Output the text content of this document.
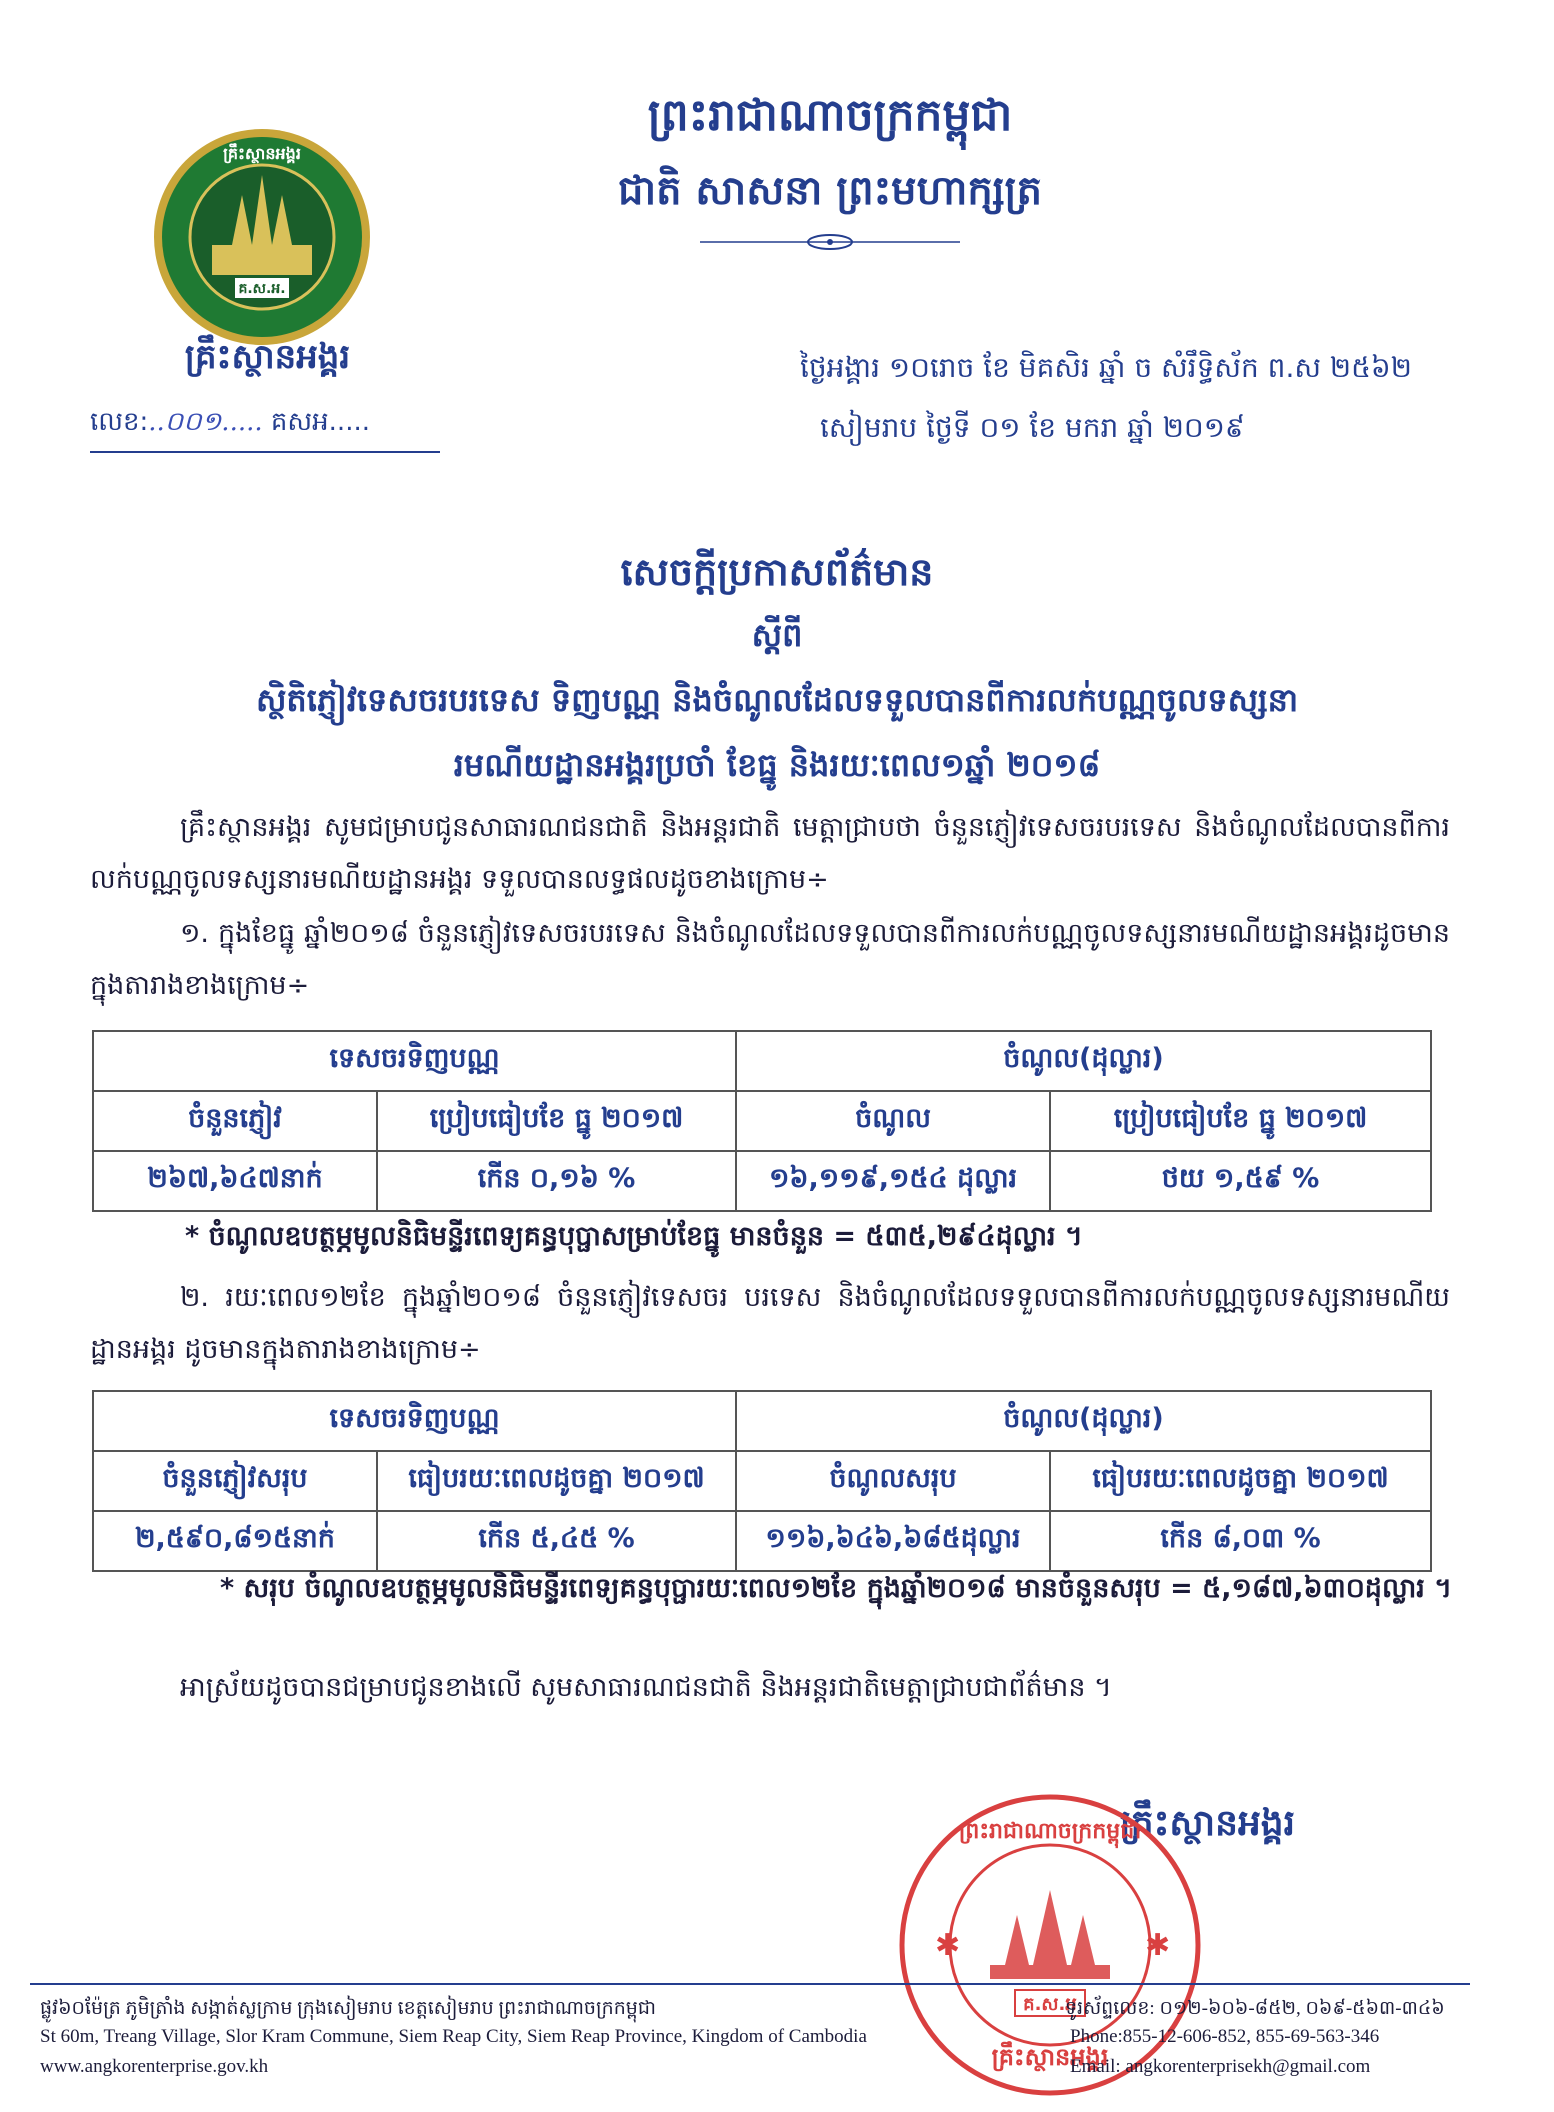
គ.ស.អ.
គ្រឹះស្ថានអង្គរ
គ្រឹះស្ថានអង្គរ
លេខ:..០០១..... គសអ.....
ព្រះរាជាណាចក្រកម្ពុជា
ជាតិ សាសនា ព្រះមហាក្សត្រ
ថ្ងៃអង្គារ ១០រោច ខែ មិគសិរ ឆ្នាំ ច សំរឹទ្ធិស័ក ព.ស ២៥៦២
សៀមរាប ថ្ងៃទី ០១ ខែ មករា ឆ្នាំ ២០១៩
សេចក្តីប្រកាសព័ត៌មាន
ស្តីពី
ស្ថិតិភ្ញៀវទេសចរបរទេស ទិញបណ្ណ និងចំណូលដែលទទួលបានពីការលក់បណ្ណចូលទស្សនា
រមណីយដ្ឋានអង្គរប្រចាំ ខែធ្នូ និងរយៈពេល១ឆ្នាំ ២០១៨
គ្រឹះស្ថានអង្គរ សូមជម្រាបជូនសាធារណជនជាតិ និងអន្តរជាតិ មេត្តាជ្រាបថា ចំនួនភ្ញៀវទេសចរបរទេស និងចំណូលដែលបានពីការលក់បណ្ណចូលទស្សនារមណីយដ្ឋានអង្គរ ទទួលបានលទ្ធផលដូចខាងក្រោម÷
១. ក្នុងខែធ្នូ ឆ្នាំ២០១៨ ចំនួនភ្ញៀវទេសចរបរទេស និងចំណូលដែលទទួលបានពីការលក់បណ្ណចូលទស្សនារមណីយដ្ឋានអង្គរដូចមានក្នុងតារាងខាងក្រោម÷
ទេសចរទិញបណ្ណ		ចំណូល(ដុល្លារ)	
ចំនួនភ្ញៀវ	ប្រៀបធៀបខែ ធ្នូ ២០១៧	ចំណូល	ប្រៀបធៀបខែ ធ្នូ ២០១៧
២៦៧,៦៤៧នាក់	កើន ០,១៦ %	១៦,១១៩,១៥៤ ដុល្លារ	ថយ ១,៥៩ %
* ចំណូលឧបត្ថម្ភមូលនិធិមន្ទីរពេទ្យគន្ធបុប្ផាសម្រាប់ខែធ្នូ មានចំនួន = ៥៣៥,២៩៤ដុល្លារ ។
២. រយៈពេល១២ខែ ក្នុងឆ្នាំ២០១៨ ចំនួនភ្ញៀវទេសចរ បរទេស និងចំណូលដែលទទួលបានពីការលក់បណ្ណចូលទស្សនារមណីយដ្ឋានអង្គរ ដូចមានក្នុងតារាងខាងក្រោម÷
ទេសចរទិញបណ្ណ		ចំណូល(ដុល្លារ)	
ចំនួនភ្ញៀវសរុប	ធៀបរយៈពេលដូចគ្នា ២០១៧	ចំណូលសរុប	ធៀបរយៈពេលដូចគ្នា ២០១៧
២,៥៩០,៨១៥នាក់	កើន ៥,៤៥ %	១១៦,៦៤៦,៦៨៥ដុល្លារ	កើន ៨,០៣ %
* សរុប ចំណូលឧបត្ថម្ភមូលនិធិមន្ទីរពេទ្យគន្ធបុប្ផារយៈពេល១២ខែ ក្នុងឆ្នាំ២០១៨ មានចំនួនសរុប = ៥,១៨៧,៦៣០ដុល្លារ ។
អាស្រ័យដូចបានជម្រាបជូនខាងលើ សូមសាធារណជនជាតិ និងអន្តរជាតិមេត្តាជ្រាបជាព័ត៌មាន ។
គ្រឹះស្ថានអង្គរ
ព្រះរាជាណាចក្រកម្ពុជា
គ.ស.អ
គ្រឹះស្ថានអង្គរ
✱	✱
ផ្លូវ៦០ម៉ែត្រ ភូមិត្រាំង សង្កាត់ស្លក្រាម ក្រុងសៀមរាប ខេត្តសៀមរាប ព្រះរាជាណាចក្រកម្ពុជា
St 60m, Treang Village, Slor Kram Commune, Siem Reap City, Siem Reap Province, Kingdom of Cambodia
www.angkorenterprise.gov.kh
ទូរស័ព្ទលេខ: ០១២-៦០៦-៨៥២, ០៦៩-៥៦៣-៣៤៦
Phone:855-12-606-852, 855-69-563-346
Email: angkorenterprisekh@gmail.com
